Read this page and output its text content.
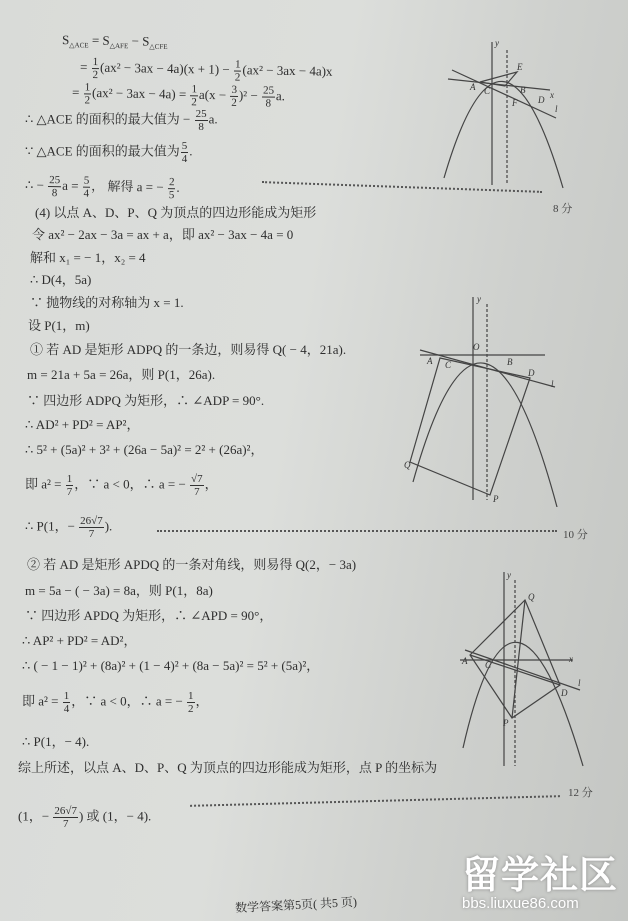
$S_{\triangle ACE} = S_{\triangle AFE} - S_{\triangle CFE}$
= $\frac{1}{2} (ax^2 - 3ax - 4a)(x + 1) - \frac{1}{2} (ax^2 - 3ax - 4a)x$
= $\frac{1}{2} (ax^2 - 3ax - 4a) = \frac{1}{2} a(x - \frac{3}{2} )^2 - \frac{25}{8} a$.
∴ △ACE 的面积的最大值为 − $\frac{25}{8} a$.
∵ △ACE 的面积的最大值为 $\frac{5}{4}$ .
∴ − $\frac{25}{8}$ $a = \frac{5}{4}$ ， 解得 a = − $\frac{2}{5}$ .
(4) 以点 A、D、P、Q 为顶点的四边形能成为矩形
令 ax² − 2ax − 3a = ax + a，即 ax² − 3ax − 4a = 0
解和 x₁ = − 1，x₂ = 4
∴ D(4，5a)
∵ 抛物线的对称轴为 x = 1.
设 P(1，m)
① 若 AD 是矩形 ADPQ 的一条边，则易得 Q( − 4，21a).
m = 21a + 5a = 26a，则 P(1，26a).
∵ 四边形 ADPQ 为矩形，∴ ∠ADP = 90°.
∴ AD² + PD² = AP²，
∴ 5² + (5a)² + 3² + (26a − 5a)² = 2² + (26a)²，
即 $a^2 = \frac{1}{7}$ ，∵ a < 0，∴ a = − $\frac{√7}{7}$ ，
∴ P(1，− $\frac{26√7}{7}$ ).
② 若 AD 是矩形 APDQ 的一条对角线，则易得 Q(2，− 3a)
m = 5a − ( − 3a) = 8a，则 P(1，8a)
∵ 四边形 APDQ 为矩形，∴ ∠APD = 90°，
∴ AP² + PD² = AD²，
∴ ( − 1 − 1)² + (8a)² + (1 − 4)² + (8a − 5a)² = 5² + (5a)²，
即 $a^2 = \frac{1}{4}$ ，∵ a < 0，∴ a = − $\frac{1}{2}$ ，
∴ P(1，− 4).
综上所述，以点 A、D、P、Q 为顶点的四边形能成为矩形，点 P 的坐标为
(1，− $\frac{26√7}{7}$ ) 或 (1，− 4).
8 分
10 分
12 分
y
x
A C
E
B
F D
l
y
O
A C	B
D
l
Q
P
y
Q
A C
x
D
l
P
数学答案第5页( 共5 页)
留学社区
bbs.liuxue86.com
